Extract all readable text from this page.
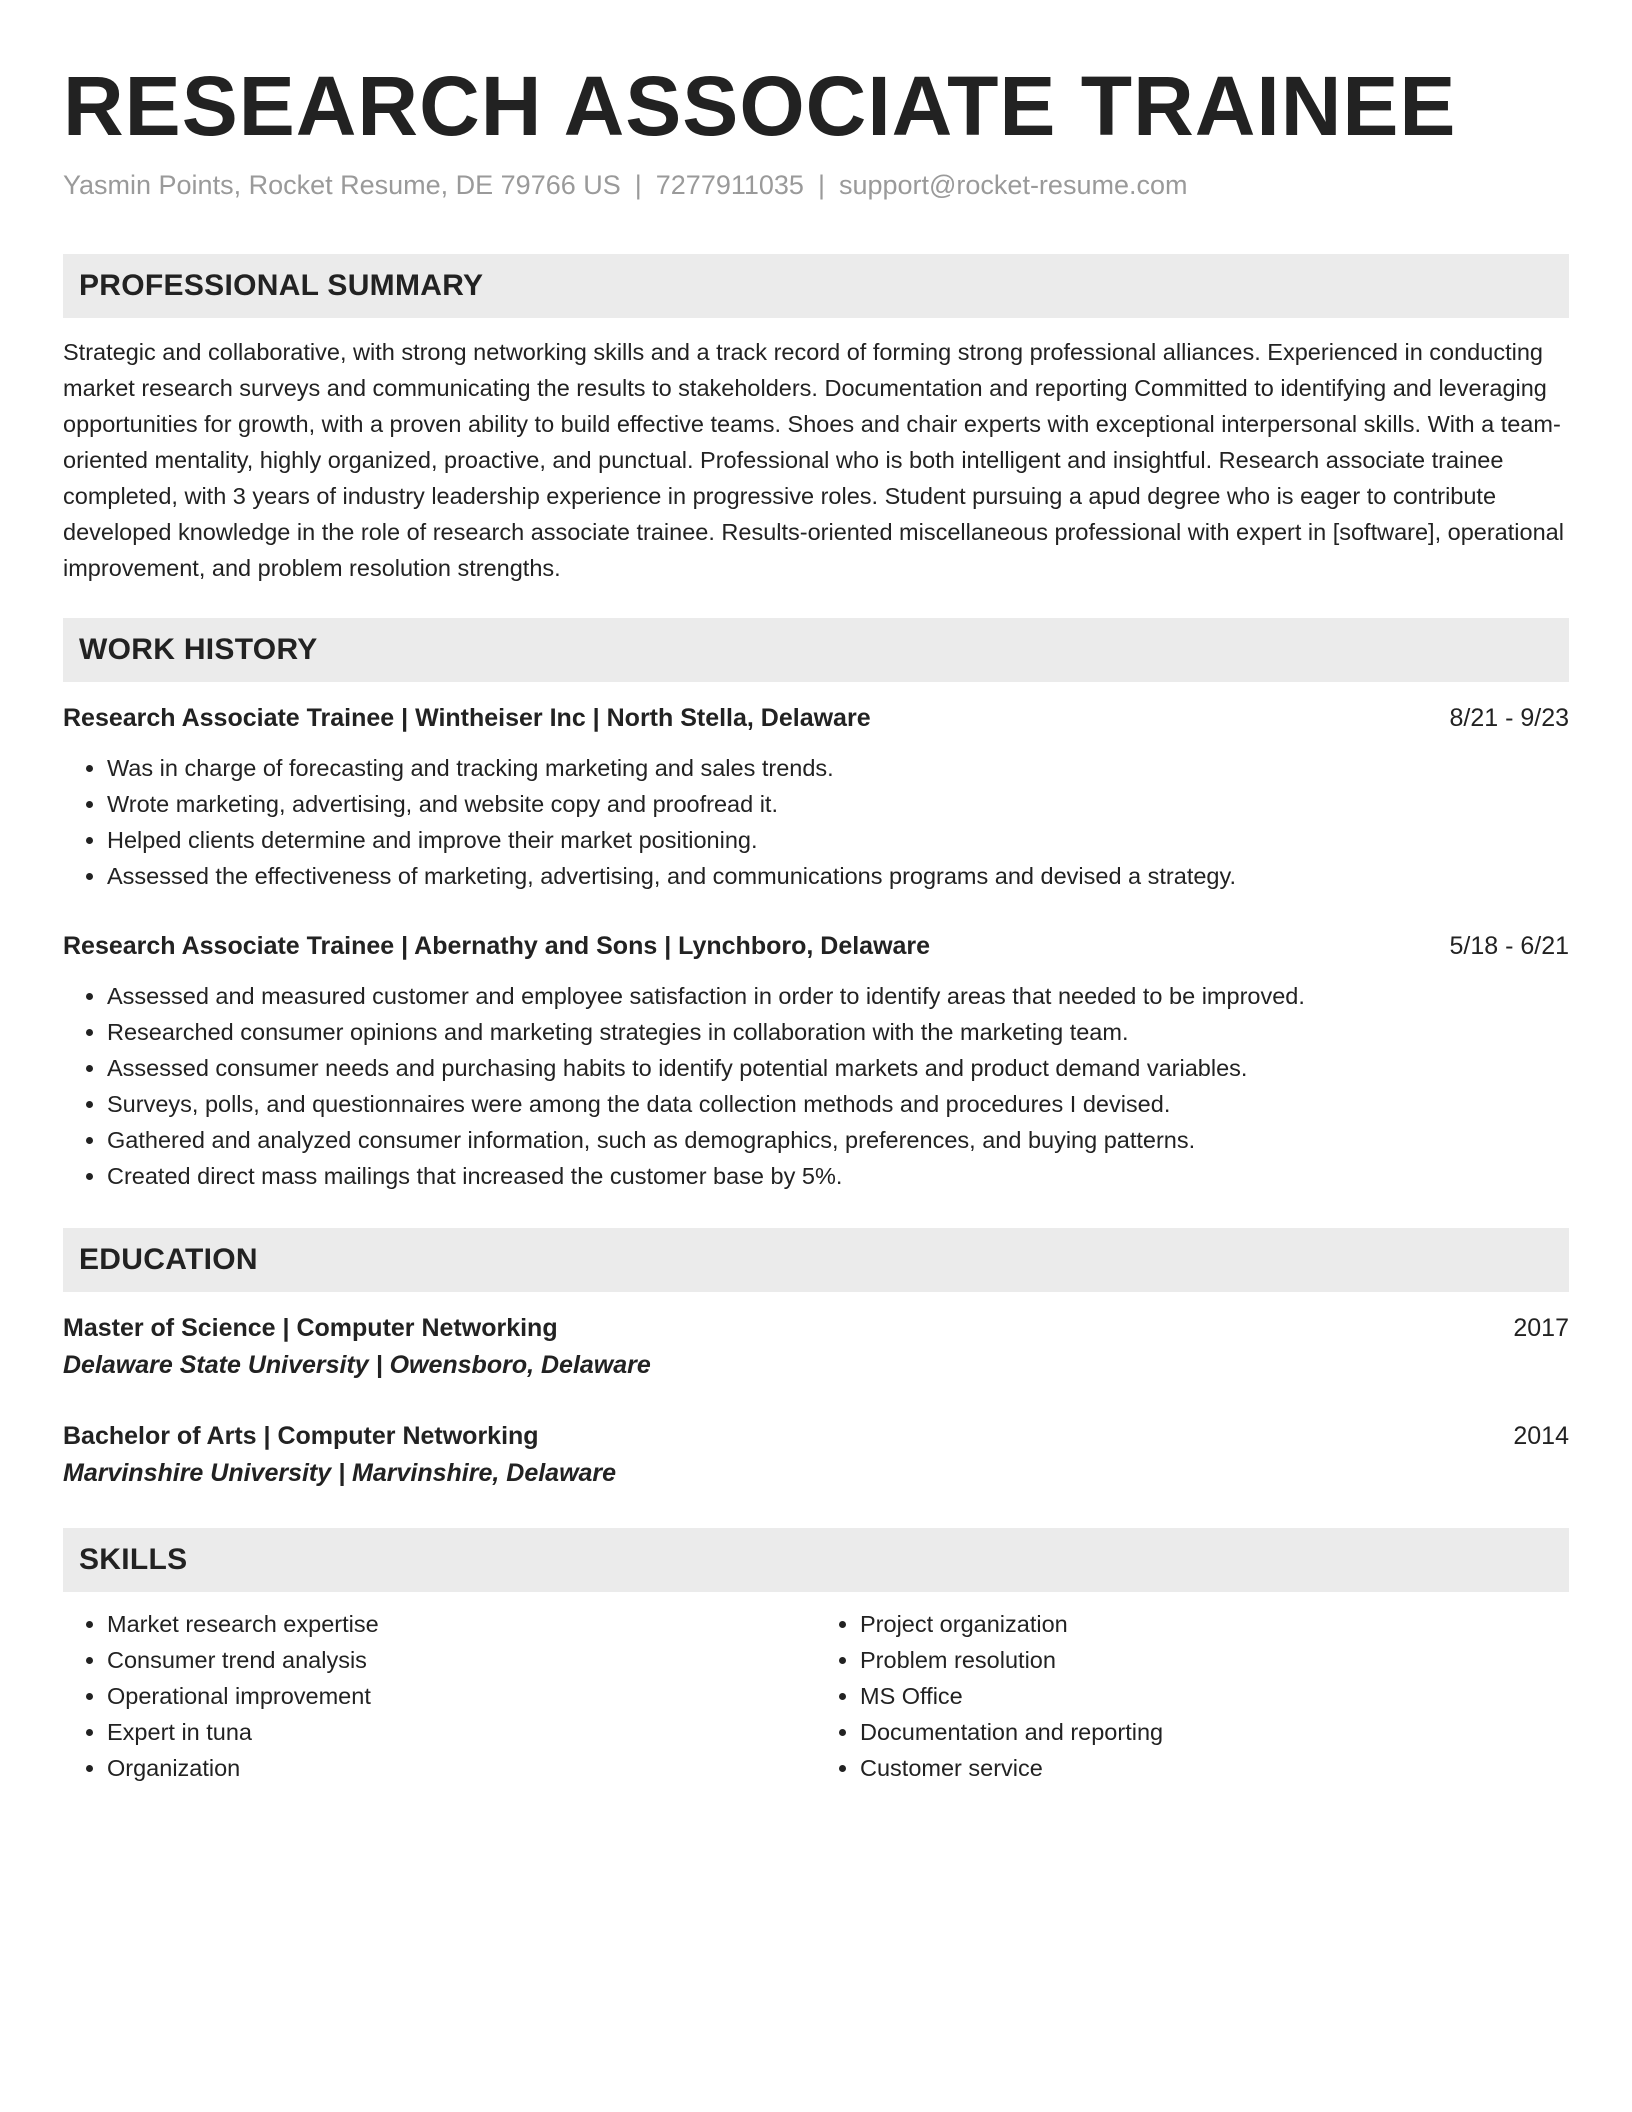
RESEARCH ASSOCIATE TRAINEE
Yasmin Points, Rocket Resume, DE 79766 US | 7277911035 | support@rocket-resume.com
PROFESSIONAL SUMMARY

Strategic and collaborative, with strong networking skills and a track record of forming strong professional alliances. Experienced in conducting market research surveys and communicating the results to stakeholders. Documentation and reporting Committed to identifying and leveraging opportunities for growth, with a proven ability to build effective teams. Shoes and chair experts with exceptional interpersonal skills. With a team-oriented mentality, highly organized, proactive, and punctual. Professional who is both intelligent and insightful. Research associate trainee completed, with 3 years of industry leadership experience in progressive roles. Student pursuing a apud degree who is eager to contribute developed knowledge in the role of research associate trainee. Results-oriented miscellaneous professional with expert in [software], operational improvement, and problem resolution strengths.

WORK HISTORY
Research Associate Trainee | Wintheiser Inc | North Stella, Delaware	8/21 - 9/23
• Was in charge of forecasting and tracking marketing and sales trends.
• Wrote marketing, advertising, and website copy and proofread it.
• Helped clients determine and improve their market positioning.
• Assessed the effectiveness of marketing, advertising, and communications programs and devised a strategy.
Research Associate Trainee | Abernathy and Sons | Lynchboro, Delaware	5/18 - 6/21
• Assessed and measured customer and employee satisfaction in order to identify areas that needed to be improved.
• Researched consumer opinions and marketing strategies in collaboration with the marketing team.
• Assessed consumer needs and purchasing habits to identify potential markets and product demand variables.
• Surveys, polls, and questionnaires were among the data collection methods and procedures I devised.
• Gathered and analyzed consumer information, such as demographics, preferences, and buying patterns.
• Created direct mass mailings that increased the customer base by 5%.
EDUCATION
Master of Science | Computer Networking	2017
Delaware State University | Owensboro, Delaware
Bachelor of Arts | Computer Networking	2014
Marvinshire University | Marvinshire, Delaware
SKILLS
• Market research expertise
• Consumer trend analysis
• Operational improvement
• Expert in tuna
• Organization
• Project organization
• Problem resolution
• MS Office
• Documentation and reporting
• Customer service
